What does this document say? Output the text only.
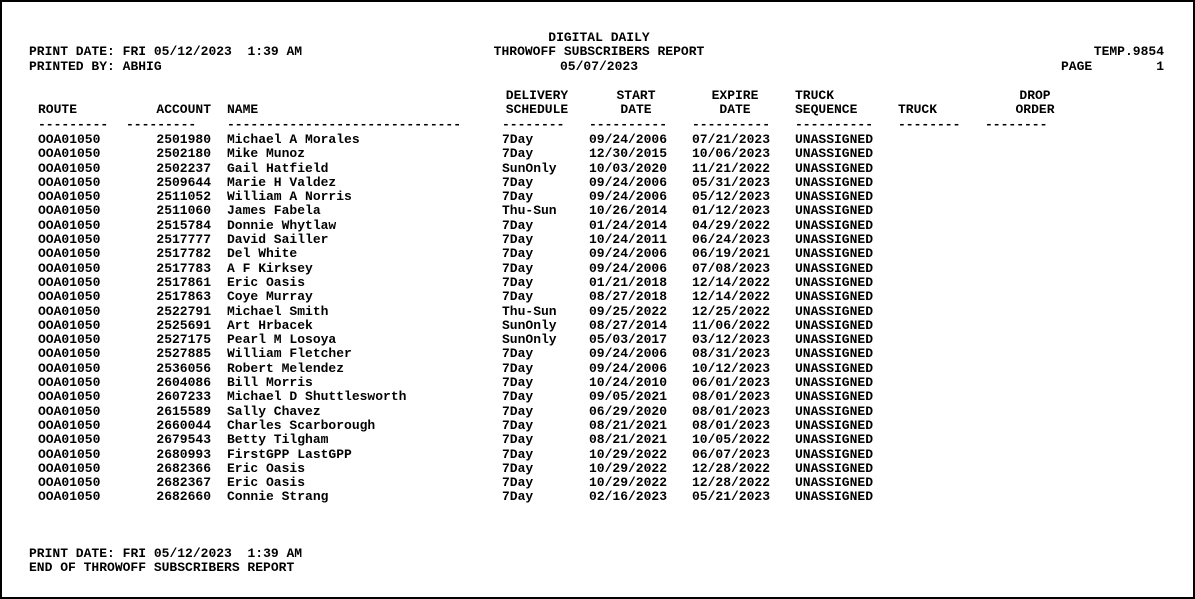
DIGITAL DAILY
THROWOFF SUBSCRIBERS REPORT
05/07/2023
PRINT DATE: FRI 05/12/2023  1:39 AM
PRINTED BY: ABHIG
TEMP.9854
PAGE	1
DELIVERY	START	EXPIRE	TRUCK	DROP
ROUTE	ACCOUNT NAME	SCHEDULE	DATE	DATE	SEQUENCE	TRUCK	ORDER
--------- --------- ------------------------------	-------- ---------- ---------- ---------- -------- --------
OOA01050	2501980 Michael A Morales	7Day	09/24/2006 07/21/2023 UNASSIGNED
OOA01050	2502180 Mike Munoz	7Day	12/30/2015 10/06/2023 UNASSIGNED
OOA01050	2502237 Gail Hatfield	SunOnly 10/03/2020 11/21/2022 UNASSIGNED
OOA01050	2509644 Marie H Valdez	7Day	09/24/2006 05/31/2023 UNASSIGNED
OOA01050	2511052 William A Norris	7Day	09/24/2006 05/12/2023 UNASSIGNED
OOA01050	2511060 James Fabela	Thu-Sun 10/26/2014 01/12/2023 UNASSIGNED
OOA01050	2515784 Donnie Whytlaw	7Day	01/24/2014 04/29/2022 UNASSIGNED
OOA01050	2517777 David Sailler	7Day	10/24/2011 06/24/2023 UNASSIGNED
OOA01050	2517782 Del White	7Day	09/24/2006 06/19/2021 UNASSIGNED
OOA01050	2517783 A F Kirksey	7Day	09/24/2006 07/08/2023 UNASSIGNED
OOA01050	2517861 Eric Oasis	7Day	01/21/2018 12/14/2022 UNASSIGNED
OOA01050	2517863 Coye Murray	7Day	08/27/2018 12/14/2022 UNASSIGNED
OOA01050	2522791 Michael Smith	Thu-Sun 09/25/2022 12/25/2022 UNASSIGNED
OOA01050	2525691 Art Hrbacek	SunOnly 08/27/2014 11/06/2022 UNASSIGNED
OOA01050	2527175 Pearl M Losoya	SunOnly 05/03/2017 03/12/2023 UNASSIGNED
OOA01050	2527885 William Fletcher	7Day	09/24/2006 08/31/2023 UNASSIGNED
OOA01050	2536056 Robert Melendez	7Day	09/24/2006 10/12/2023 UNASSIGNED
OOA01050	2604086 Bill Morris	7Day	10/24/2010 06/01/2023 UNASSIGNED
OOA01050	2607233 Michael D Shuttlesworth	7Day	09/05/2021 08/01/2023 UNASSIGNED
OOA01050	2615589 Sally Chavez	7Day	06/29/2020 08/01/2023 UNASSIGNED
OOA01050	2660044 Charles Scarborough	7Day	08/21/2021 08/01/2023 UNASSIGNED
OOA01050	2679543 Betty Tilgham	7Day	08/21/2021 10/05/2022 UNASSIGNED
OOA01050	2680993 FirstGPP LastGPP	7Day	10/29/2022 06/07/2023 UNASSIGNED
OOA01050	2682366 Eric Oasis	7Day	10/29/2022 12/28/2022 UNASSIGNED
OOA01050	2682367 Eric Oasis	7Day	10/29/2022 12/28/2022 UNASSIGNED
OOA01050	2682660 Connie Strang	7Day	02/16/2023 05/21/2023 UNASSIGNED
PRINT DATE: FRI 05/12/2023  1:39 AM
END OF THROWOFF SUBSCRIBERS REPORT
